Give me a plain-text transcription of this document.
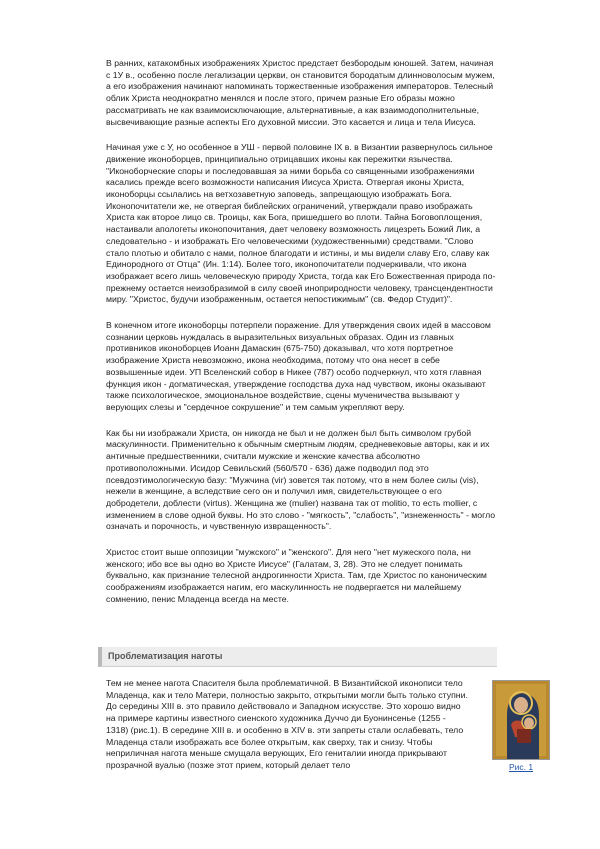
В ранних, катакомбных изображениях Христос предстает безбородым юношей. Затем, начиная с 1У в., особенно после легализации церкви, он становится бородатым длинноволосым мужем, а его изображения начинают напоминать торжественные изображения императоров. Телесный облик Христа неоднократно менялся и после этого, причем разные Его образы можно рассматривать не как взаимоисключающие, альтернативные, а как взаимодополнительные, высвечивающие разные аспекты Его духовной миссии. Это касается и лица и тела Иисуса.

Начиная уже с У, но особенное в УШ - первой половине IX в. в Византии развернулось сильное движение иконоборцев, принципиально отрицавших иконы как пережитки язычества. "Иконоборческие споры и последовавшая за ними борьба со священными изображениями касались прежде всего возможности написания Иисуса Христа. Отвергая иконы Христа, иконоборцы ссылались на ветхозаветную заповедь, запрещающую изображать Бога. Иконопочитатели же, не отвергая библейских ограничений, утверждали право изображать Христа как второе лицо св. Троицы, как Бога, пришедшего во плоти. Тайна Боговоплощения, настаивали апологеты иконопочитания, дает человеку возможность лицезреть Божий Лик, а следовательно - и изображать Его человеческими (художественными) средствами. "Слово стало плотью и обитало с нами, полное благодати и истины, и мы видели славу Его, славу как Единородного от Отца" (Ин. 1:14). Более того, иконопочитатели подчеркивали, что икона изображает всего лишь человеческую природу Христа, тогда как Его Божественная природа по-прежнему остается неизобразимой в силу своей иноприродности человеку, трансцендентности миру. "Христос, будучи изображенным, остается непостижимым" (св. Федор Студит)".

В конечном итоге иконоборцы потерпели поражение. Для утверждения своих идей в массовом сознании церковь нуждалась в выразительных визуальных образах. Один из главных противников иконоборцев Иоанн Дамаскин (675-750) доказывал, что хотя портретное изображение Христа невозможно, икона необходима, потому что она несет в себе возвышенные идеи. УП Вселенский собор в Никее (787) особо подчеркнул, что хотя главная функция икон - догматическая, утверждение господства духа над чувством, иконы оказывают также психологическое, эмоциональное воздействие, сцены мученичества вызывают у верующих слезы и "сердечное сокрушение" и тем самым укрепляют веру.

Как бы ни изображали Христа, он никогда не был и не должен был быть символом грубой маскулинности. Применительно к обычным смертным людям, средневековые авторы, как и их античные предшественники, считали мужские и женские качества абсолютно противоположными. Исидор Севильский (560/570 - 636) даже подводил под это псевдоэтимологическую базу: "Мужчина (vir) зовется так потому, что в нем более силы (vis), нежели в женщине, а вследствие сего он и получил имя, свидетельствующее о его добродетели, доблести (virtus). Женщина же (mulier) названа так от molitio, то есть mollier, с изменением в слове одной буквы. Но это слово - "мягкость", "слабость", "изнеженность" - могло означать и порочность, и чувственную извращенность".

Христос стоит выше оппозиции "мужского" и "женского". Для него "нет мужеского пола, ни женского; ибо все вы одно во Христе Иисусе" (Галатам, 3, 28). Это не следует понимать буквально, как признание телесной андрогинности Христа. Там, где Христос по каноническим соображениям изображается нагим, его маскулинность не подвергается ни малейшему сомнению, пенис Младенца всегда на месте.

Проблематизация наготы

Тем не менее нагота Спасителя была проблематичной. В Византийской иконописи тело Младенца, как и тело Матери, полностью закрыто, открытыми могли быть только ступни. До середины XIII в. это правило действовало и Западном искусстве. Это хорошо видно на примере картины известного сиенского художника Дуччо ди Буонинсенье (1255 - 1318) (рис.1). В середине XIII в. и особенно в XIV в. эти запреты стали ослабевать, тело Младенца стали изображать все более открытым, как сверху, так и снизу. Чтобы неприличная нагота меньше смущала верующих, Его гениталии иногда прикрывают прозрачной вуалью (позже этот прием, который делает тело	Рис. 1
